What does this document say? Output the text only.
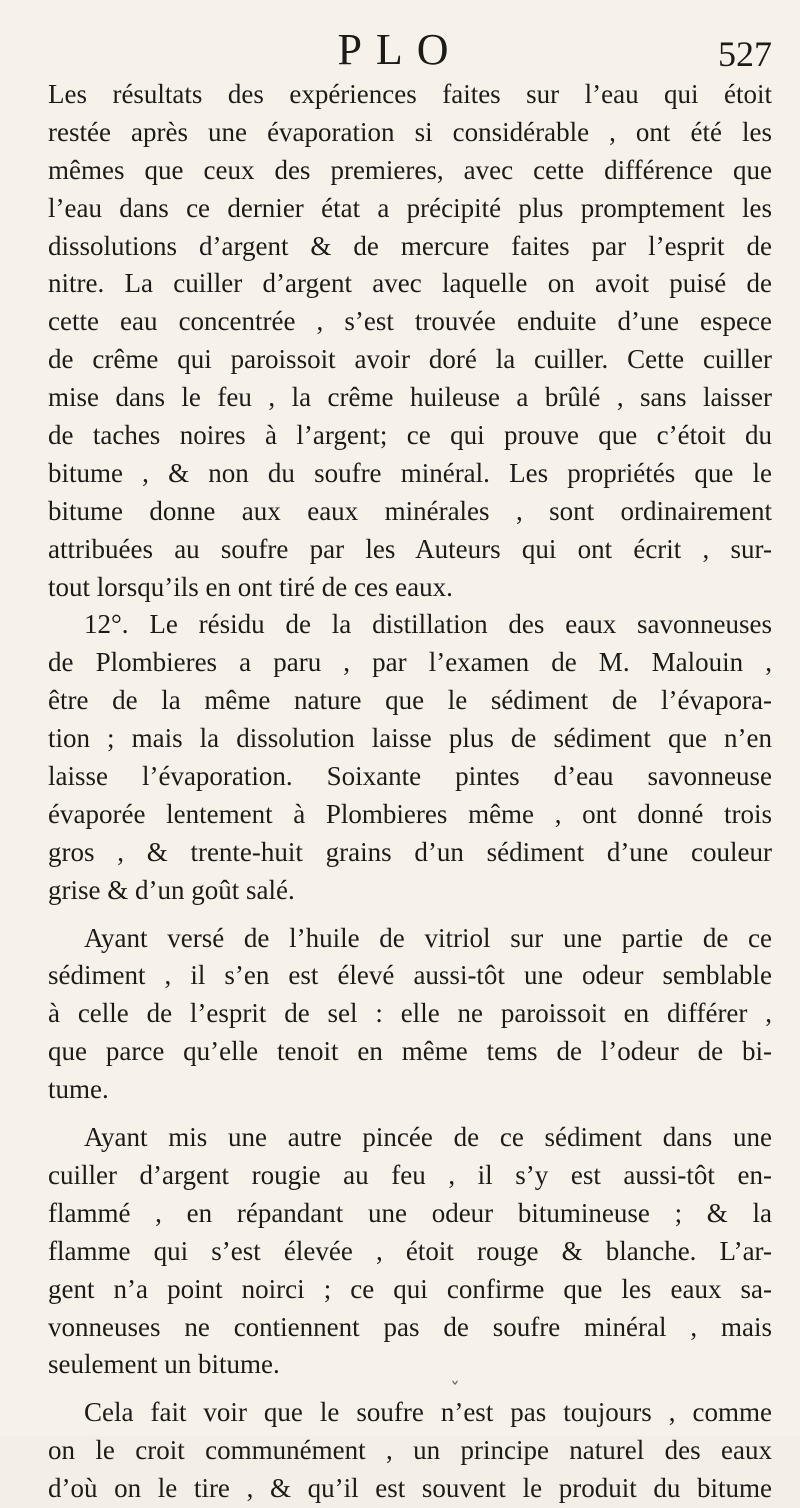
PLO	527
Les résultats des expériences faites sur l’eau qui étoit
restée après une évaporation si considérable , ont été les
mêmes que ceux des premieres, avec cette différence que
l’eau dans ce dernier état a précipité plus promptement les
dissolutions d’argent & de mercure faites par l’esprit de
nitre. La cuiller d’argent avec laquelle on avoit puisé de
cette eau concentrée , s’est trouvée enduite d’une espece
de crême qui paroissoit avoir doré la cuiller. Cette cuiller
mise dans le feu , la crême huileuse a brûlé , sans laisser
de taches noires à l’argent; ce qui prouve que c’étoit du
bitume , & non du soufre minéral. Les propriétés que le
bitume donne aux eaux minérales , sont ordinairement
attribuées au soufre par les Auteurs qui ont écrit , sur-
tout lorsqu’ils en ont tiré de ces eaux.
12°. Le résidu de la distillation des eaux savonneuses
de Plombieres a paru , par l’examen de M. Malouin ,
être de la même nature que le sédiment de l’évapora-
tion ; mais la dissolution laisse plus de sédiment que n’en
laisse l’évaporation. Soixante pintes d’eau savonneuse
évaporée lentement à Plombieres même , ont donné trois
gros , & trente-huit grains d’un sédiment d’une couleur
grise & d’un goût salé.
Ayant versé de l’huile de vitriol sur une partie de ce
sédiment , il s’en est élevé aussi-tôt une odeur semblable
à celle de l’esprit de sel : elle ne paroissoit en différer ,
que parce qu’elle tenoit en même tems de l’odeur de bi-
tume.
Ayant mis une autre pincée de ce sédiment dans une
cuiller d’argent rougie au feu , il s’y est aussi-tôt en-
flammé , en répandant une odeur bitumineuse ; & la
flamme qui s’est élevée , étoit rouge & blanche. L’ar-
gent n’a point noirci ; ce qui confirme que les eaux sa-
vonneuses ne contiennent pas de soufre minéral , mais
seulement un bitume.
Cela fait voir que le soufre n’est pas toujours , comme
on le croit communément , un principe naturel des eaux
d’où on le tire , & qu’il est souvent le produit du bitume
ˇ
